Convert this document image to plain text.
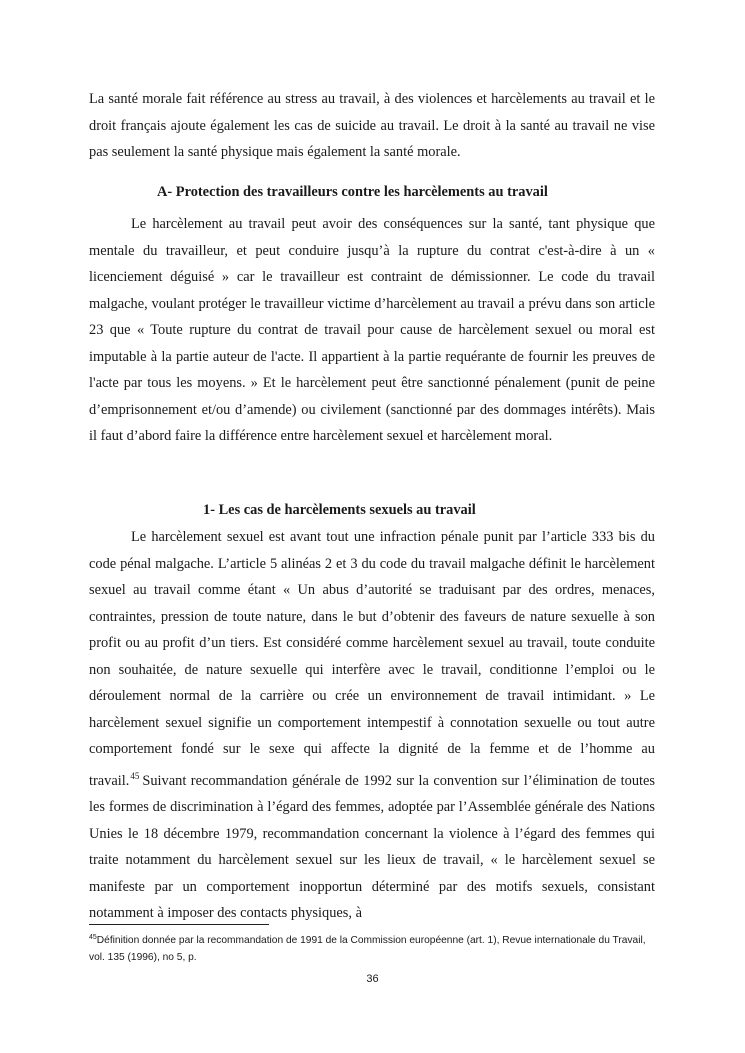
La santé morale fait référence au stress au travail, à des violences et harcèlements au travail et le droit français ajoute également les cas de suicide au travail. Le droit à la santé au travail ne vise pas seulement la santé physique mais également la santé morale.

A- Protection des travailleurs contre les harcèlements au travail

Le harcèlement au travail peut avoir des conséquences sur la santé, tant physique que mentale du travailleur, et peut conduire jusqu’à la rupture du contrat c'est-à-dire à un « licenciement déguisé » car le travailleur est contraint de démissionner. Le code du travail malgache, voulant protéger le travailleur victime d’harcèlement au travail a prévu dans son article 23 que « Toute rupture du contrat de travail pour cause de harcèlement sexuel ou moral est imputable à la partie auteur de l'acte. Il appartient à la partie requérante de fournir les preuves de l'acte par tous les moyens. » Et le harcèlement peut être sanctionné pénalement (punit de peine d’emprisonnement et/ou d’amende) ou civilement (sanctionné par des dommages intérêts). Mais il faut d’abord faire la différence entre harcèlement sexuel et harcèlement moral.

1- Les cas de harcèlements sexuels au travail

Le harcèlement sexuel est avant tout une infraction pénale punit par l’article 333 bis du code pénal malgache. L’article 5 alinéas 2 et 3 du code du travail malgache définit le harcèlement sexuel au travail comme étant « Un abus d’autorité se traduisant par des ordres, menaces, contraintes, pression de toute nature, dans le but d’obtenir des faveurs de nature sexuelle à son profit ou au profit d’un tiers. Est considéré comme harcèlement sexuel au travail, toute conduite non souhaitée, de nature sexuelle qui interfère avec le travail, conditionne l’emploi ou le déroulement normal de la carrière ou crée un environnement de travail intimidant. » Le harcèlement sexuel signifie un comportement intempestif à connotation sexuelle ou tout autre comportement fondé sur le sexe qui affecte la dignité de la femme et de l’homme au travail.$^{45}$ Suivant recommandation générale de 1992 sur la convention sur l’élimination de toutes les formes de discrimination à l’égard des femmes, adoptée par l’Assemblée générale des Nations Unies le 18 décembre 1979, recommandation concernant la violence à l’égard des femmes qui traite notamment du harcèlement sexuel sur les lieux de travail, « le harcèlement sexuel se manifeste par un comportement inopportun déterminé par des motifs sexuels, consistant notamment à imposer des contacts physiques, à

$^{45}$Définition donnée par la recommandation de 1991 de la Commission européenne (art. 1), Revue internationale du Travail, vol. 135 (1996), no 5, p.

36
